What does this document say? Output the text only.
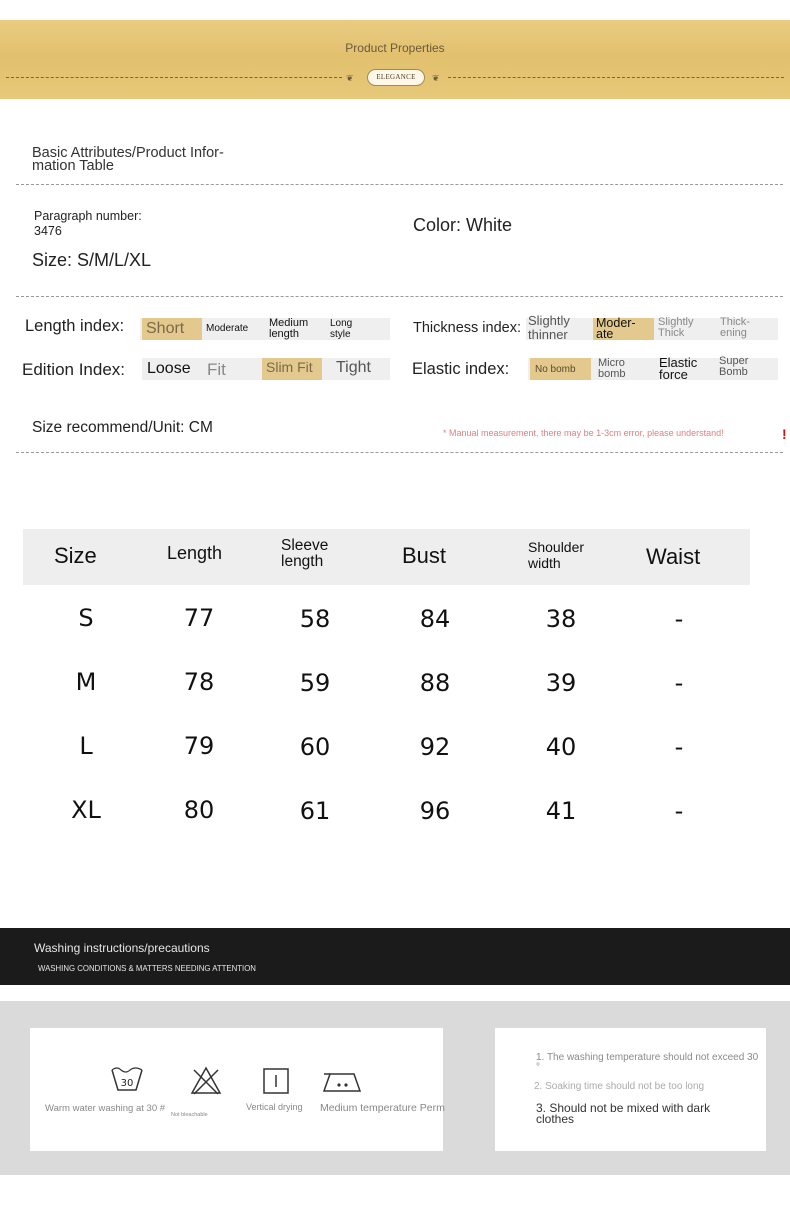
Product Properties
❦	❦
ELEGANCE
Basic Attributes/Product Infor-
mation Table
Paragraph number:
3476
Size: S/M/L/XL
Color: White
Length index: Short Moderate Medium length
Long style	Thickness index: Slightly thinner
Moder-ate
Slightly Thick
Thick-ening
Edition Index: Loose Fit	Slim Fit Tight Elastic index:	No bomb
Micro bomb
Elastic force
Super Bomb
Size recommend/Unit: CM	* Manual measurement, there may be 1-3cm error, please understand!	!
Size	Length	Sleeve length	Bust	Shoulder width	Waist
S	77	58	84	38	-
M	78	59	88	39	-
L	79	60	92	40	-
XL	80	61	96	41	-
Washing instructions/precautions
WASHING CONDITIONS & MATTERS NEEDING ATTENTION
30
Warm water washing at 30 #
Not bleachable
Vertical drying Medium temperature Perm
1. The washing temperature should not exceed 30 °
2. Soaking time should not be too long
3. Should not be mixed with dark clothes
